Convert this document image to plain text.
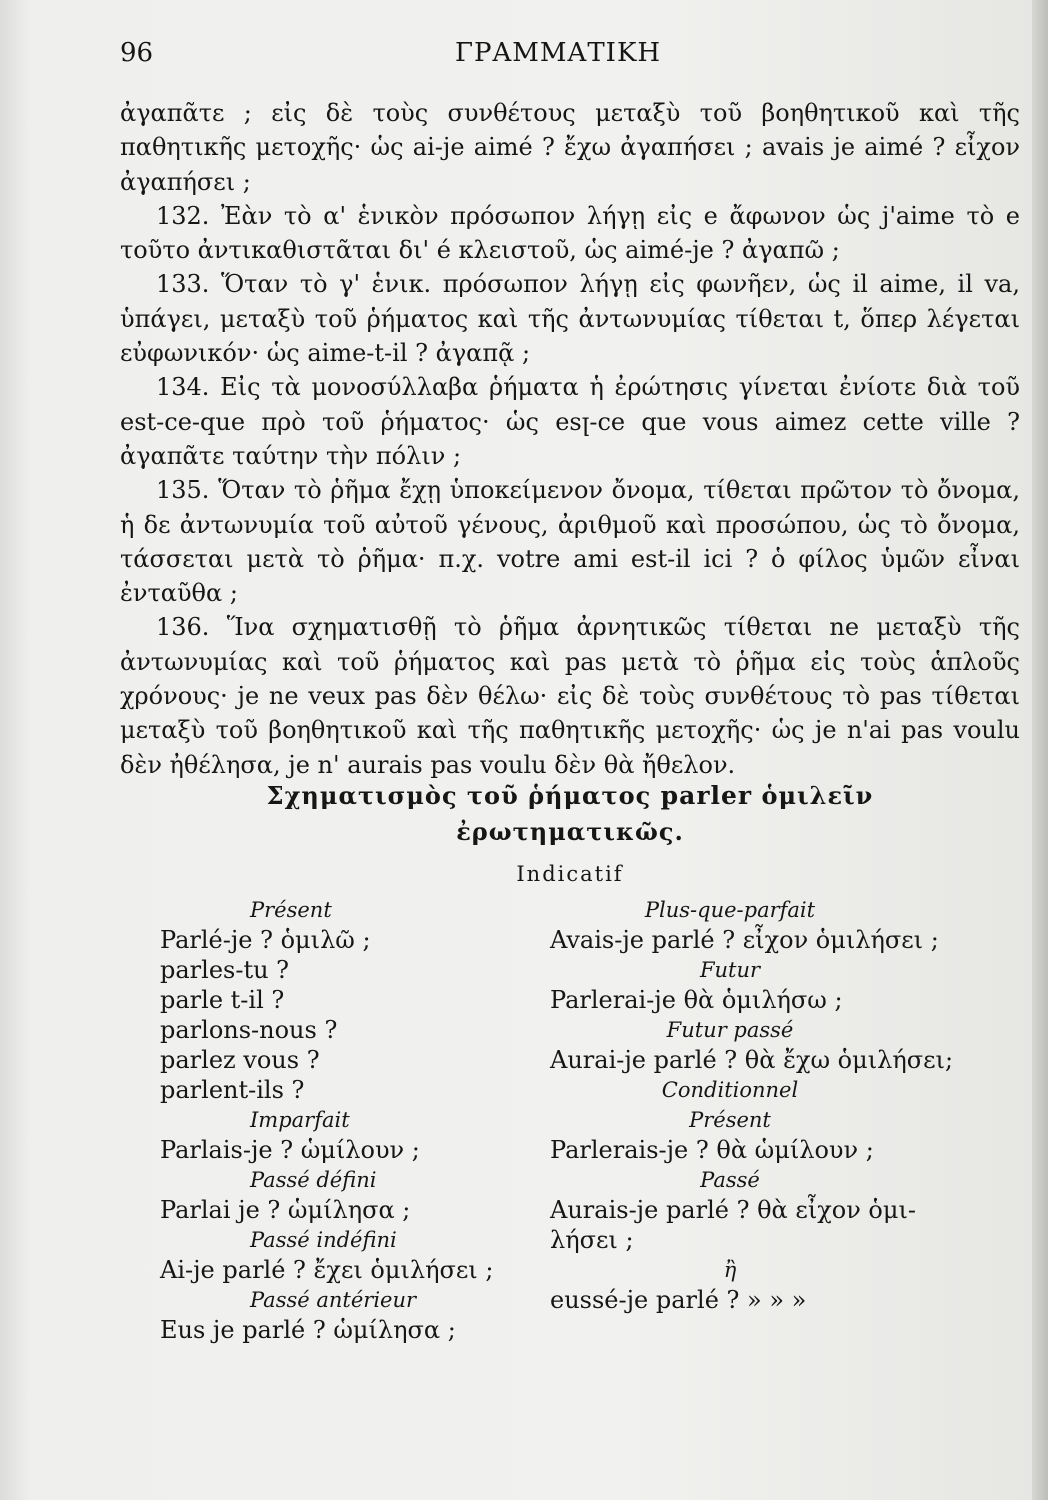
96	ΓΡΑΜΜΑΤΙΚΗ

ἀγαπᾶτε ; εἰς δὲ τοὺς συνθέτους μεταξὺ τοῦ βοηθητικοῦ καὶ τῆς παθητικῆς μετοχῆς· ὡς ai-je aimé ? ἔχω ἀγαπήσει ; avais je aimé ? εἶχον ἀγαπήσει ;

132. Ἐὰν τὸ α' ἑνικὸν πρόσωπον λήγῃ εἰς e ἄφωνον ὡς j'aime τὸ e τοῦτο ἀντικαθιστᾶται δι' é κλειστοῦ, ὡς aimé-je ? ἀγαπῶ ;

133. Ὅταν τὸ γ' ἑνικ. πρόσωπον λήγῃ εἰς φωνῆεν, ὡς il aime, il va, ὑπάγει, μεταξὺ τοῦ ῥήματος καὶ τῆς ἀντωνυμίας τίθεται t, ὅπερ λέγεται εὐφωνικόν· ὡς aime-t-il ? ἀγαπᾷ ;

134. Εἰς τὰ μονοσύλλαβα ῥήματα ἡ ἐρώτησις γίνεται ἐνίοτε διὰ τοῦ est-ce-que πρὸ τοῦ ῥήματος· ὡς esꞁ-ce que vous aimez cette ville ? ἀγαπᾶτε ταύτην τὴν πόλιν ;

135. Ὅταν τὸ ῥῆμα ἔχῃ ὑποκείμενον ὄνομα, τίθεται πρῶτον τὸ ὄνομα, ἡ δε ἀντωνυμία τοῦ αὐτοῦ γένους, ἀριθμοῦ καὶ προσώπου, ὡς τὸ ὄνομα, τάσσεται μετὰ τὸ ῥῆμα· π.χ. votre ami est-il ici ? ὁ φίλος ὑμῶν εἶναι ἐνταῦθα ;

136. Ἵνα σχηματισθῇ τὸ ῥῆμα ἀρνητικῶς τίθεται ne μεταξὺ τῆς ἀντωνυμίας καὶ τοῦ ῥήματος καὶ pas μετὰ τὸ ῥῆμα εἰς τοὺς ἁπλοῦς χρόνους· je ne veux pas δὲν θέλω· εἰς δὲ τοὺς συνθέτους τὸ pas τίθεται μεταξὺ τοῦ βοηθητικοῦ καὶ τῆς παθητικῆς μετοχῆς· ὡς je n'ai pas voulu δὲν ἠθέλησα, je n' aurais pas voulu δὲν θὰ ἤθελον.

Σχηματισμὸς τοῦ ῥήματος parler ὁμιλεῖν
ἐρωτηματικῶς.
Indicatif
Présent
Parlé-je ? ὁμιλῶ ;
parles-tu ?
parle t-il ?
parlons-nous ?
parlez vous ?
parlent-ils ?
Imparfait
Parlais-je ? ὡμίλουν ;
Passé défini
Parlai je ? ὡμίλησα ;
Passé indéfini
Ai-je parlé ? ἔχει ὁμιλήσει ;
Passé antérieur
Eus je parlé ? ὡμίλησα ;
Plus-que-parfait
Avais-je parlé ? εἶχον ὁμιλήσει ;
Futur
Parlerai-je θὰ ὁμιλήσω ;
Futur passé
Aurai-je parlé ? θὰ ἔχω ὁμιλήσει;
Conditionnel
Présent
Parlerais-je ? θὰ ὡμίλουν ;
Passé
Aurais-je parlé ? θὰ εἶχον ὁμι-
λήσει ;
ἢ
eussé-je parlé ? » » »
